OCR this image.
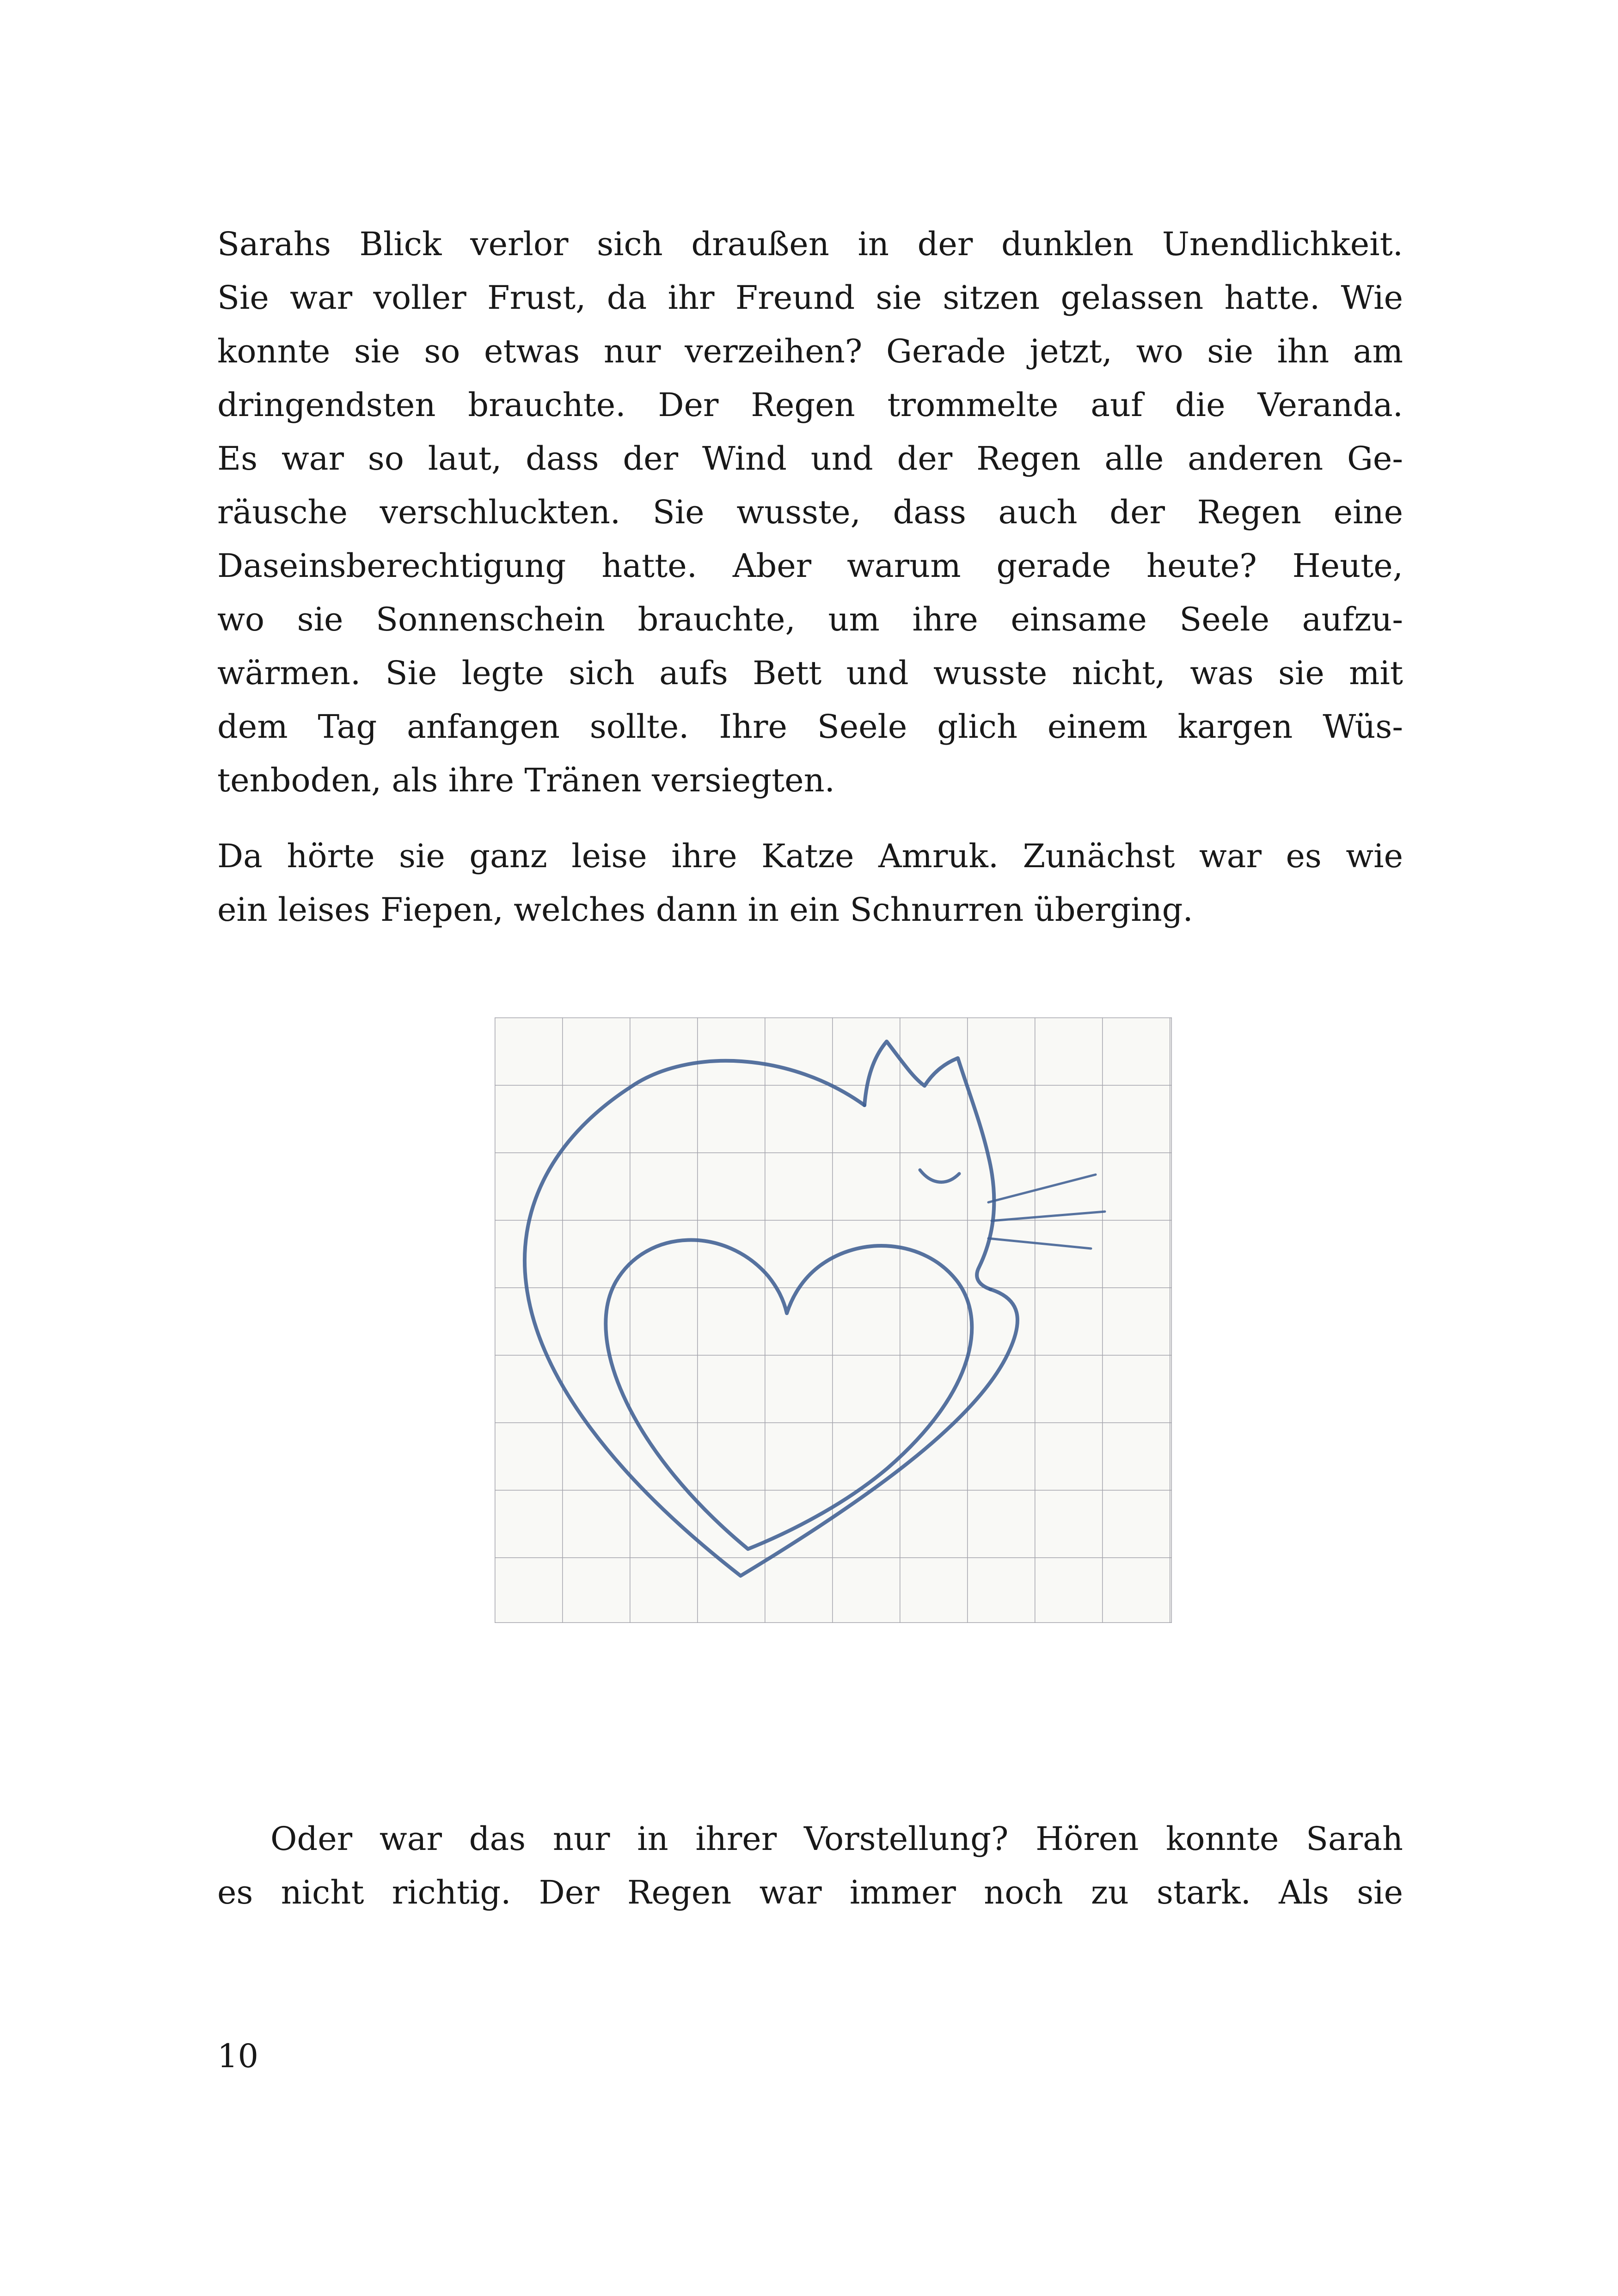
Sarahs Blick verlor sich draußen in der dunklen Unendlichkeit.
Sie war voller Frust, da ihr Freund sie sitzen gelassen hatte. Wie
konnte sie so etwas nur verzeihen? Gerade jetzt, wo sie ihn am
dringendsten brauchte. Der Regen trommelte auf die Veranda.
Es war so laut, dass der Wind und der Regen alle anderen Ge-
räusche verschluckten. Sie wusste, dass auch der Regen eine
Daseinsberechtigung hatte. Aber warum gerade heute? Heute,
wo sie Sonnenschein brauchte, um ihre einsame Seele aufzu-
wärmen. Sie legte sich aufs Bett und wusste nicht, was sie mit
dem Tag anfangen sollte. Ihre Seele glich einem kargen Wüs-
tenboden, als ihre Tränen versiegten.
Da hörte sie ganz leise ihre Katze Amruk. Zunächst war es wie
ein leises Fiepen, welches dann in ein Schnurren überging.
Oder war das nur in ihrer Vorstellung? Hören konnte Sarah
es nicht richtig. Der Regen war immer noch zu stark. Als sie
10
